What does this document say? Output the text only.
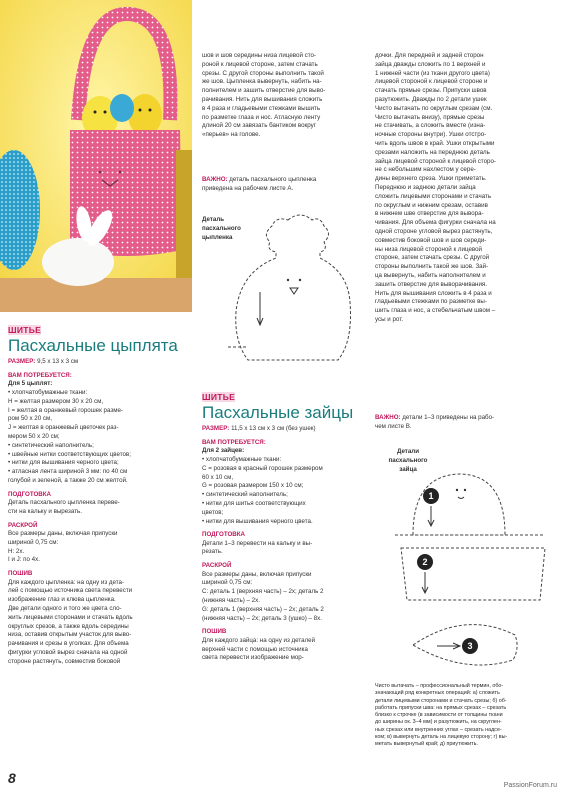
ШИТЬЕ
Пасхальные цыплята
РАЗМЕР: 9,5 х 13 х 3 см
ВАМ ПОТРЕБУЕТСЯ:

Для 5 цыплят:

• хлопчатобумажные ткани:

Н = желтая размером 30 х 20 см,

I = желтая в оранжевый горошек разме-

ром 50 х 20 см,

J = желтая в оранжевый цветочек раз-

мером 50 х 20 см;

• синтетический наполнитель;

• швейные нитки соответствующих цветов;

• нитки для вышивания черного цвета;

• атласная лента шириной 3 мм: по 40 см

голубой и зеленой, а также 20 см желтой.

ПОДГОТОВКА

Деталь пасхального цыпленка переве-

сти на кальку и вырезать.

РАСКРОЙ

Все размеры даны, включая припуски

шириной 0,75 см:

Н: 2х.

I и J: по 4х.

ПОШИВ

Для каждого цыпленка: на одну из дета-

лей с помощью источника света перевести

изображение глаз и клюва цыпленка.

Две детали одного и того же цвета сло-

жить лицевыми сторонами и стачать вдоль

округлых срезов, а также вдоль середины

низа, оставив открытым участок для выво-

рачивания и срезы в уголках. Для объема

фигурки угловой вырез сначала на одной

стороне растянуть, совместив боковой

шов и шов середины низа лицевой сто-

роной к лицевой стороне, затем стачать

срезы. С другой стороны выполнить такой

же шов. Цыпленка вывернуть, набить на-

полнителем и зашить отверстие для выво-

рачивания. Нить для вышивания сложить

в 4 раза и гладьевыми стежками вышить

по разметке глаза и нос. Атласную ленту

длиной 20 см завязать бантиком вокруг

«перьев» на голове.

ВАЖНО: деталь пасхального цыпленка

приведена на рабочем листе А.

Деталь

пасхального

цыпленка

ШИТЬЕ
Пасхальные зайцы
РАЗМЕР: 11,5 х 13 см х 3 см (без ушек)
ВАМ ПОТРЕБУЕТСЯ:

Для 2 зайцев:

• хлопчатобумажные ткани:

С = розовая в красный горошек размером

60 х 10 см,

G = розовая размером 150 х 10 см;

• синтетический наполнитель;

• нитки для шитья соответствующих

цветов;

• нитки для вышивания черного цвета.

ПОДГОТОВКА

Детали 1–3 перевести на кальку и вы-

резать.

РАСКРОЙ

Все размеры даны, включая припуски

шириной 0,75 см:

С: деталь 1 (верхняя часть) – 2х; деталь 2

(нижняя часть) – 2х.

G: деталь 1 (верхняя часть) – 2х; деталь 2

(нижняя часть) – 2х; деталь 3 (ушко) – 8х.

ПОШИВ

Для каждого зайца: на одну из деталей

верхней части с помощью источника

света перевести изображение мор-

дочки. Для передней и задней сторон

зайца дважды сложить по 1 верхней и

1 нижней части (из ткани другого цвета)

лицевой стороной к лицевой стороне и

стачать прямые срезы. Припуски швов

разутюжить. Дважды по 2 детали ушек

Чисто вытачать по округлым срезам (см.

Чисто вытачать внизу), прямые срезы

не стачивать, а сложить вместе (изна-

ночные стороны внутри). Ушки отстро-

чить вдоль швов в край. Ушки открытыми

срезами наложить на переднюю деталь

зайца лицевой стороной к лицевой сторо-

не с небольшим нахлестом у сере-

дины верхнего среза. Ушки приметать.

Переднюю и заднюю детали зайца

сложить лицевыми сторонами и стачать

по округлым и нижним срезам, оставив

в нижнем шве отверстие для вывора-

чивания. Для объема фигурки сначала на

одной стороне угловой вырез растянуть,

совместив боковой шов и шов середи-

ны низа лицевой стороной к лицевой

стороне, затем стачать срезы. С другой

стороны выполнить такой же шов. Зай-

ца вывернуть, набить наполнителем и

зашить отверстие для выворачивания.

Нить для вышивания сложить в 4 раза и

гладьевыми стежками по разметке вы-

шить глаза и нос, а стебельчатым швом –

усы и рот.

ВАЖНО: детали 1–3 приведены на рабо-

чем листе В.

Детали

пасхального

зайца

1
2
3

Чисто вытачать – профессиональный термин, обо-

значающий ряд конкретных операций: а) сложить

детали лицевыми сторонами и стачать срезы; б) об-

работать припуски шва: на прямых срезах – срезать

близко к строчке (в зависимости от толщины ткани

до ширины ок. 3–4 мм) и разутюжить, на скруглен-

ных срезах или внутренних углах – срезать надсе-

ком; в) вывернуть деталь на лицевую сторону; г) вы-

метать вывернутый край; д) приутюжить.

8	PassionForum.ru
